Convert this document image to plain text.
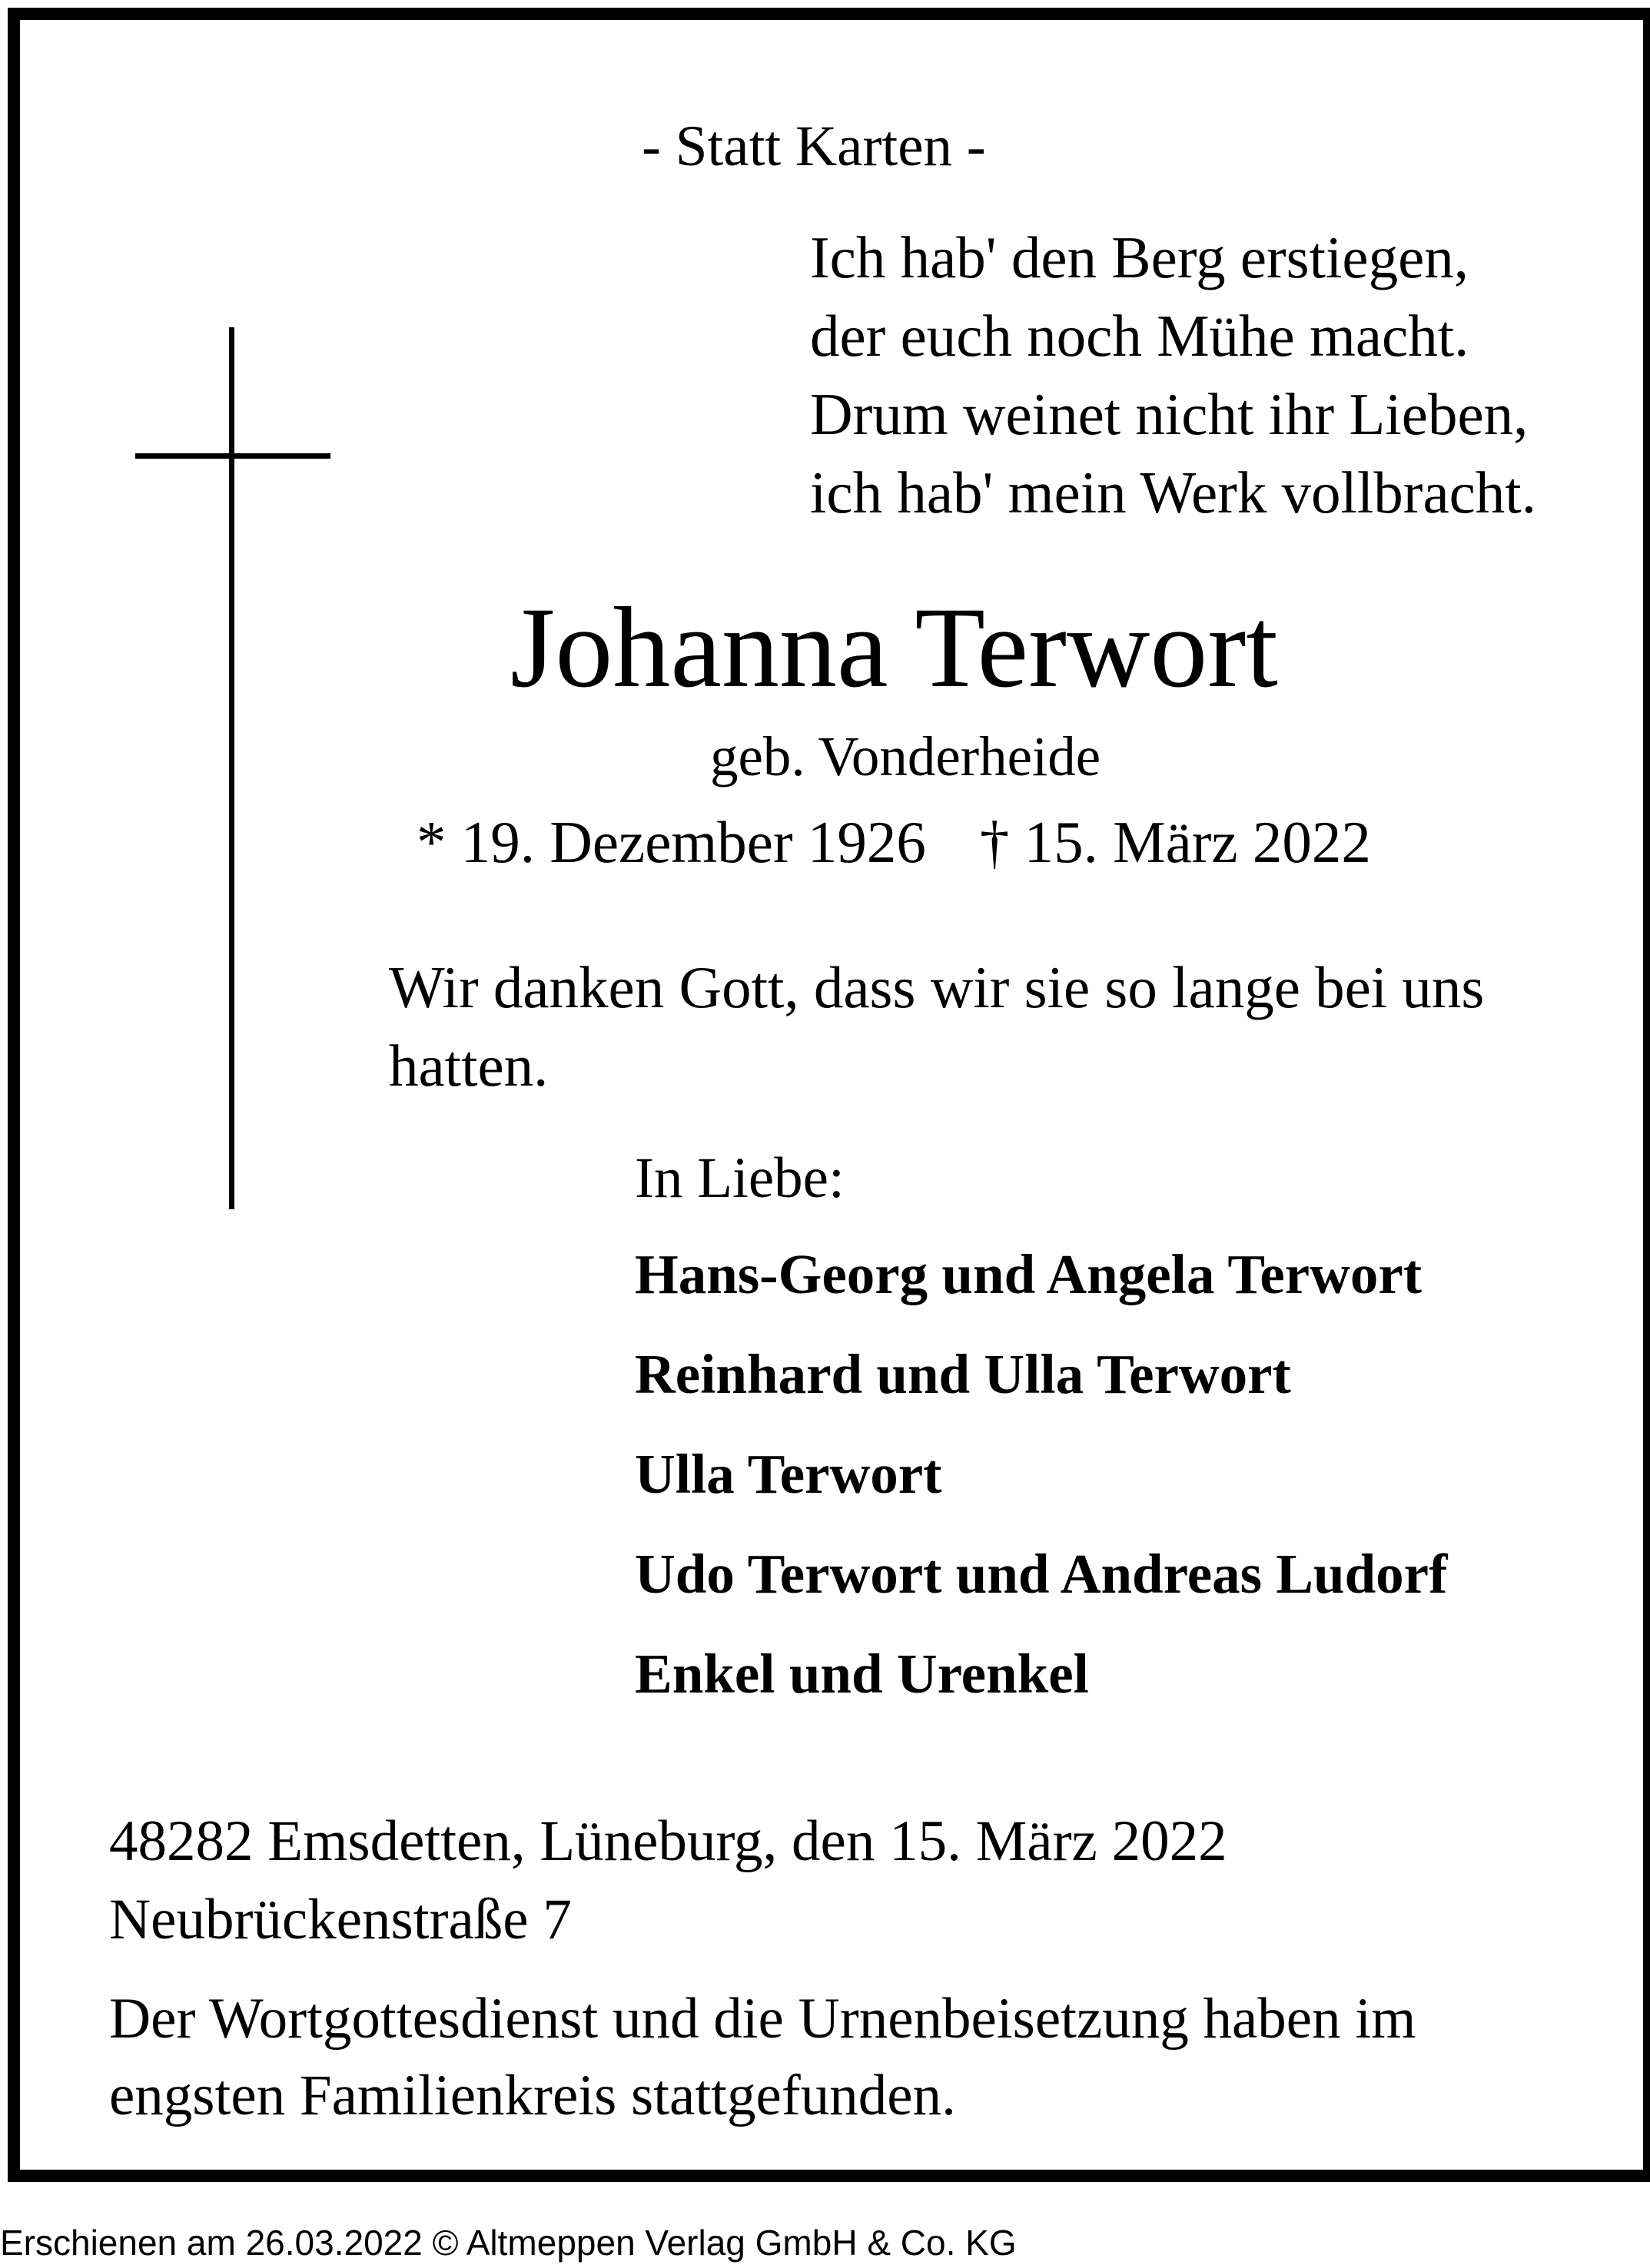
- Statt Karten -
Ich hab' den Berg erstiegen,
der euch noch Mühe macht.
Drum weinet nicht ihr Lieben,
ich hab' mein Werk vollbracht.
Johanna Terwort
geb. Vonderheide
* 19. Dezember 1926 † 15. März 2022
Wir danken Gott, dass wir sie so lange bei uns hatten.
In Liebe:
Hans-Georg und Angela Terwort
Reinhard und Ulla Terwort
Ulla Terwort
Udo Terwort und Andreas Ludorf
Enkel und Urenkel
48282 Emsdetten, Lüneburg, den 15. März 2022
Neubrückenstraße 7
Der Wortgottesdienst und die Urnenbeisetzung haben im
engsten Familienkreis stattgefunden.
Erschienen am 26.03.2022 © Altmeppen Verlag GmbH & Co. KG
